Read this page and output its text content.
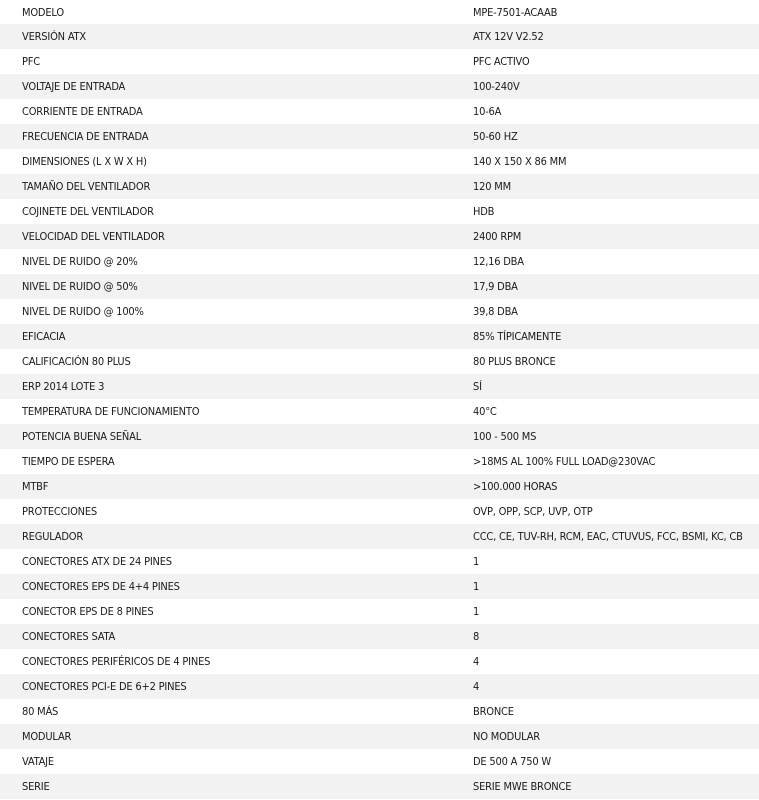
MODELO	MPE-7501-ACAAB
VERSIÓN ATX	ATX 12V V2.52
PFC	PFC ACTIVO
VOLTAJE DE ENTRADA	100-240V
CORRIENTE DE ENTRADA	10-6A
FRECUENCIA DE ENTRADA	50-60 HZ
DIMENSIONES (L X W X H)	140 X 150 X 86 MM
TAMAÑO DEL VENTILADOR	120 MM
COJINETE DEL VENTILADOR	HDB
VELOCIDAD DEL VENTILADOR	2400 RPM
NIVEL DE RUIDO @ 20%	12,16 DBA
NIVEL DE RUIDO @ 50%	17,9 DBA
NIVEL DE RUIDO @ 100%	39,8 DBA
EFICACIA	85% TÍPICAMENTE
CALIFICACIÓN 80 PLUS	80 PLUS BRONCE
ERP 2014 LOTE 3	SÍ
TEMPERATURA DE FUNCIONAMIENTO	40°C
POTENCIA BUENA SEÑAL	100 - 500 MS
TIEMPO DE ESPERA	>18MS AL 100% FULL LOAD@230VAC
MTBF	>100.000 HORAS
PROTECCIONES	OVP, OPP, SCP, UVP, OTP
REGULADOR	CCC, CE, TUV-RH, RCM, EAC, CTUVUS, FCC, BSMI, KC, CB
CONECTORES ATX DE 24 PINES	1
CONECTORES EPS DE 4+4 PINES	1
CONECTOR EPS DE 8 PINES	1
CONECTORES SATA	8
CONECTORES PERIFÉRICOS DE 4 PINES	4
CONECTORES PCI-E DE 6+2 PINES	4
80 MÁS	BRONCE
MODULAR	NO MODULAR
VATAJE	DE 500 A 750 W
SERIE	SERIE MWE BRONCE
